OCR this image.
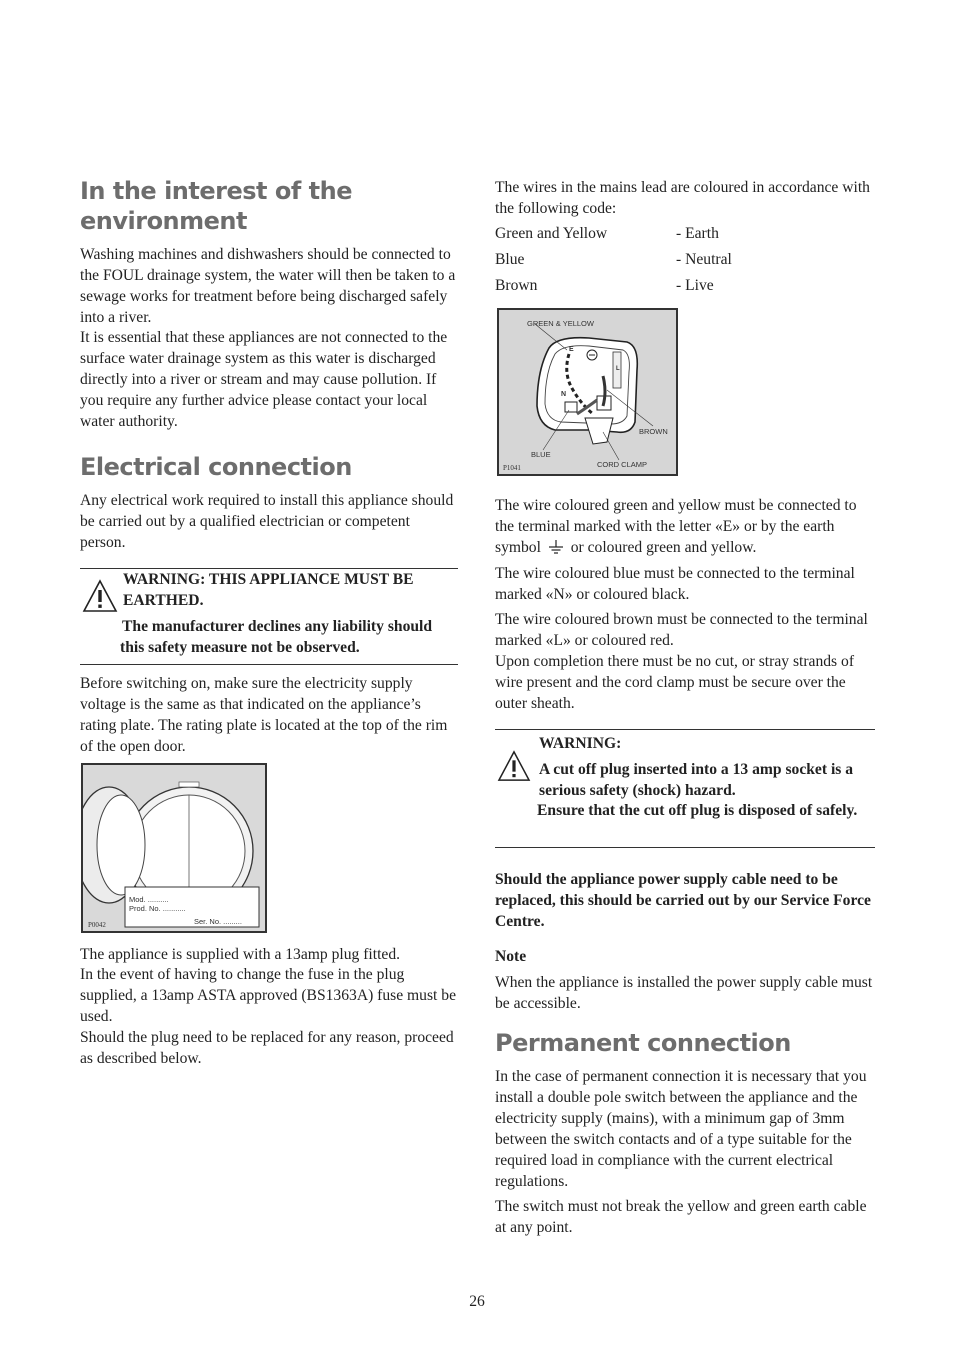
In the interest of the
environment

Washing machines and dishwashers should be connected to the FOUL drainage system, the water will then be taken to a sewage works for treatment before being discharged safely into a river.

It is essential that these appliances are not connected to the surface water drainage system as this water is discharged directly into a river or stream and may cause pollution. If you require any further advice please contact your local water authority.

Electrical connection

Any electrical work required to install this appliance should be carried out by a qualified electrician or competent person.

WARNING: THIS APPLIANCE MUST BE EARTHED.

The manufacturer declines any liability should this safety measure not be observed.

Before switching on, make sure the electricity supply voltage is the same as that indicated on the appliance’s rating plate. The rating plate is located at the top of the rim of the open door.

Mod. ..........
Prod. No. ...........
Ser. No. .........
P0042

The appliance is supplied with a 13amp plug fitted.

In the event of having to change the fuse in the plug supplied, a 13amp ASTA approved (BS1363A) fuse must be used.

Should the plug need to be replaced for any reason, proceed as described below.

The wires in the mains lead are coloured in accordance with the following code:

Green and Yellow	- Earth
Blue	- Neutral
Brown	- Live
E
N
L
GREEN & YELLOW
BROWN
BLUE
CORD CLAMP
P1041

The wire coloured green and yellow must be connected to the terminal marked with the letter «E» or by the earth symbol or coloured green and yellow.

The wire coloured blue must be connected to the terminal marked «N» or coloured black.

The wire coloured brown must be connected to the terminal marked «L» or coloured red.

Upon completion there must be no cut, or stray strands of wire present and the cord clamp must be secure over the outer sheath.

WARNING:

A cut off plug inserted into a 13 amp socket is a serious safety (shock) hazard.

Ensure that the cut off plug is disposed of safely.

Should the appliance power supply cable need to be replaced, this should be carried out by our Service Force Centre.

Note

When the appliance is installed the power supply cable must be accessible.

Permanent connection

In the case of permanent connection it is necessary that you install a double pole switch between the appliance and the electricity supply (mains), with a minimum gap of 3mm between the switch contacts and of a type suitable for the required load in compliance with the current electrical regulations.

The switch must not break the yellow and green earth cable at any point.

26
